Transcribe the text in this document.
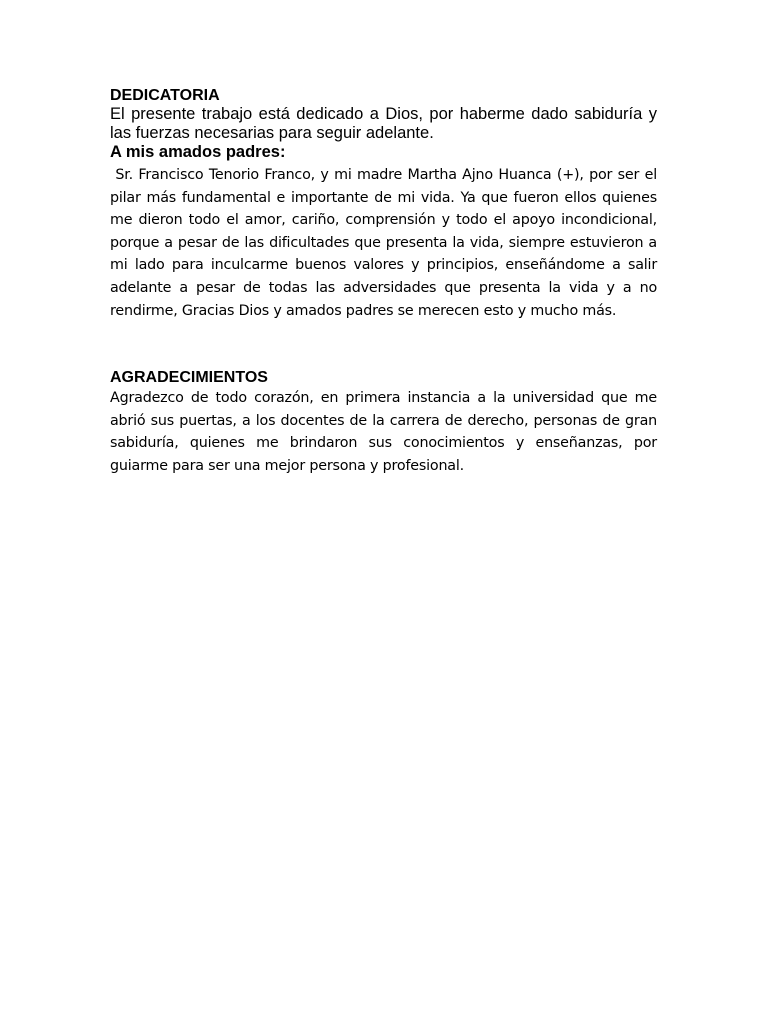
DEDICATORIA

El presente trabajo está dedicado a Dios, por haberme dado sabiduría y las fuerzas necesarias para seguir adelante.

A mis amados padres:

Sr. Francisco Tenorio Franco, y mi madre Martha Ajno Huanca (+), por ser el pilar más fundamental e importante de mi vida. Ya que fueron ellos quienes me dieron todo el amor, cariño, comprensión y todo el apoyo incondicional, porque a pesar de las dificultades que presenta la vida, siempre estuvieron a mi lado para inculcarme buenos valores y principios, enseñándome a salir adelante a pesar de todas las adversidades que presenta la vida y a no rendirme, Gracias Dios y amados padres se merecen esto y mucho más.

AGRADECIMIENTOS

Agradezco de todo corazón, en primera instancia a la universidad que me abrió sus puertas, a los docentes de la carrera de derecho, personas de gran sabiduría, quienes me brindaron sus conocimientos y enseñanzas, por guiarme para ser una mejor persona y profesional.
